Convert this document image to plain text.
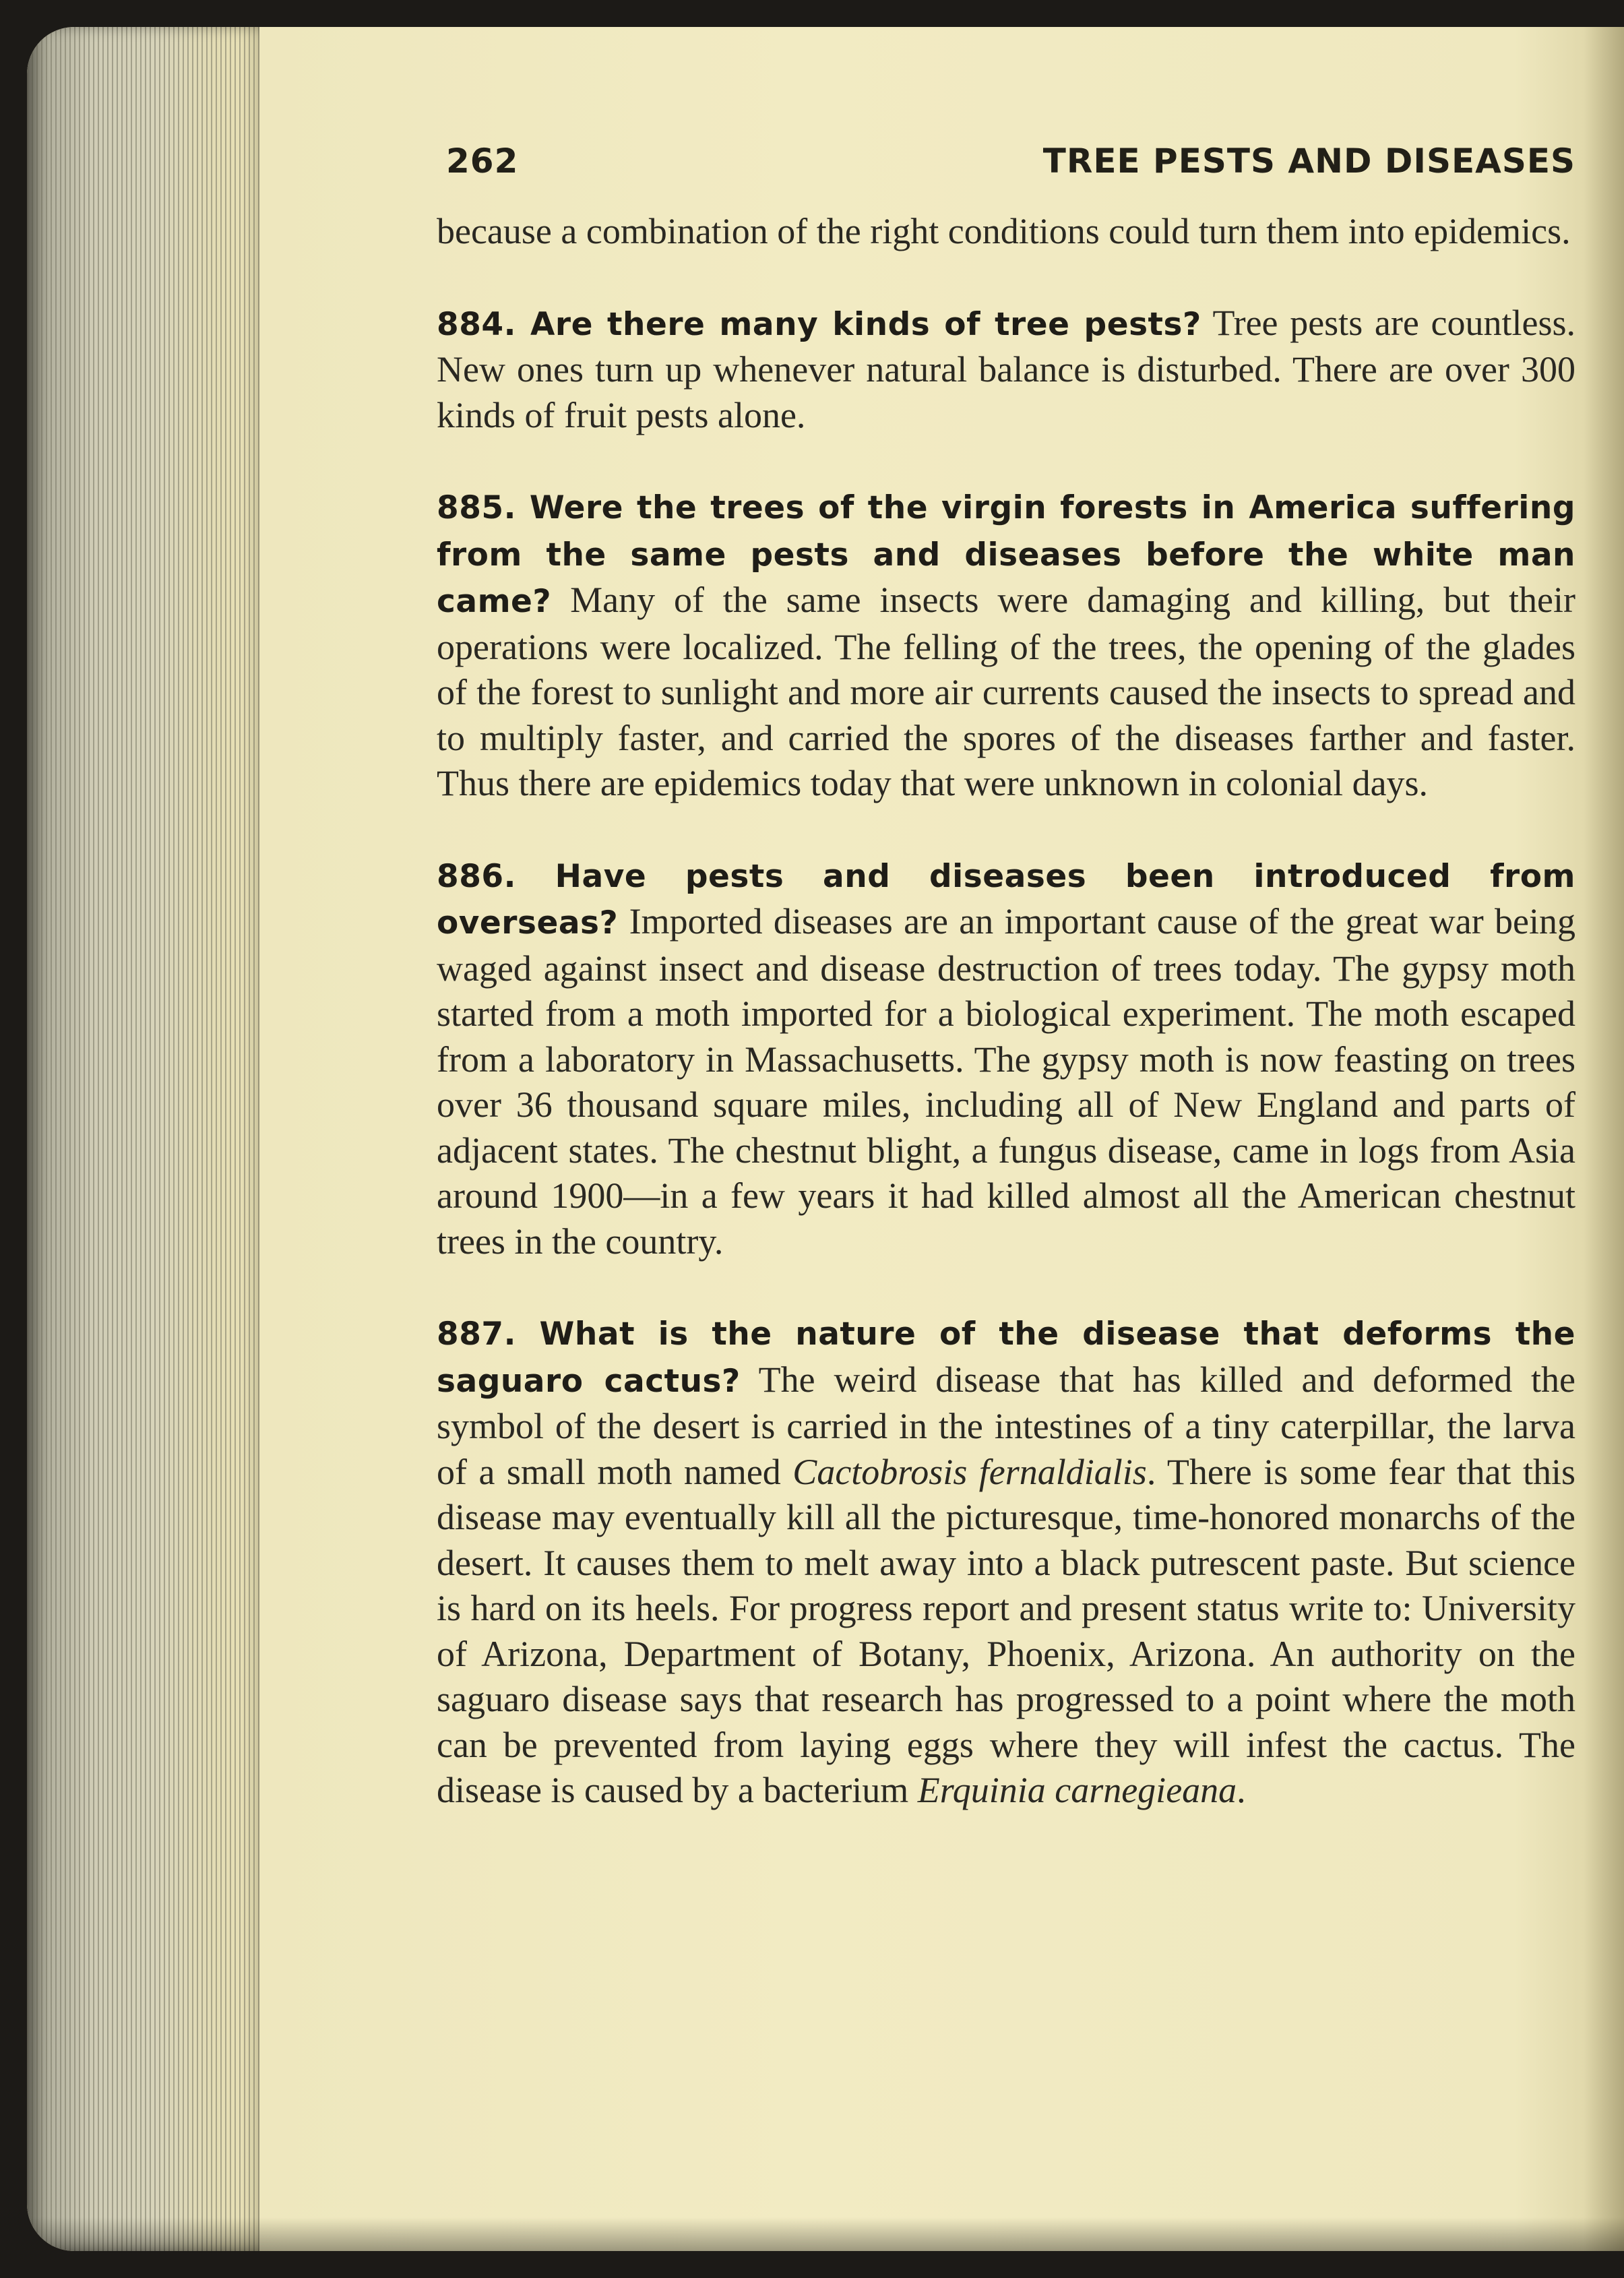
262	TREE PESTS AND DISEASES

because a combination of the right conditions could turn them into epidemics.

884. Are there many kinds of tree pests? Tree pests are countless. New ones turn up whenever natural balance is disturbed. There are over 300 kinds of fruit pests alone.

885. Were the trees of the virgin forests in America suffering from the same pests and diseases before the white man came? Many of the same insects were damaging and killing, but their operations were localized. The felling of the trees, the opening of the glades of the forest to sunlight and more air currents caused the insects to spread and to multiply faster, and carried the spores of the diseases farther and faster. Thus there are epidemics today that were unknown in colonial days.

886. Have pests and diseases been introduced from overseas? Imported diseases are an important cause of the great war being waged against insect and disease destruction of trees today. The gypsy moth started from a moth imported for a biological experiment. The moth escaped from a laboratory in Massachusetts. The gypsy moth is now feasting on trees over 36 thousand square miles, including all of New England and parts of adjacent states. The chestnut blight, a fungus disease, came in logs from Asia around 1900—in a few years it had killed almost all the American chestnut trees in the country.

887. What is the nature of the disease that deforms the saguaro cactus? The weird disease that has killed and deformed the symbol of the desert is carried in the intestines of a tiny caterpillar, the larva of a small moth named Cactobrosis fernaldialis. There is some fear that this disease may eventually kill all the picturesque, time-honored monarchs of the desert. It causes them to melt away into a black putrescent paste. But science is hard on its heels. For progress report and present status write to: University of Arizona, Department of Botany, Phoenix, Arizona. An authority on the saguaro disease says that research has progressed to a point where the moth can be prevented from laying eggs where they will infest the cactus. The disease is caused by a bacterium Erquinia carnegieana.
